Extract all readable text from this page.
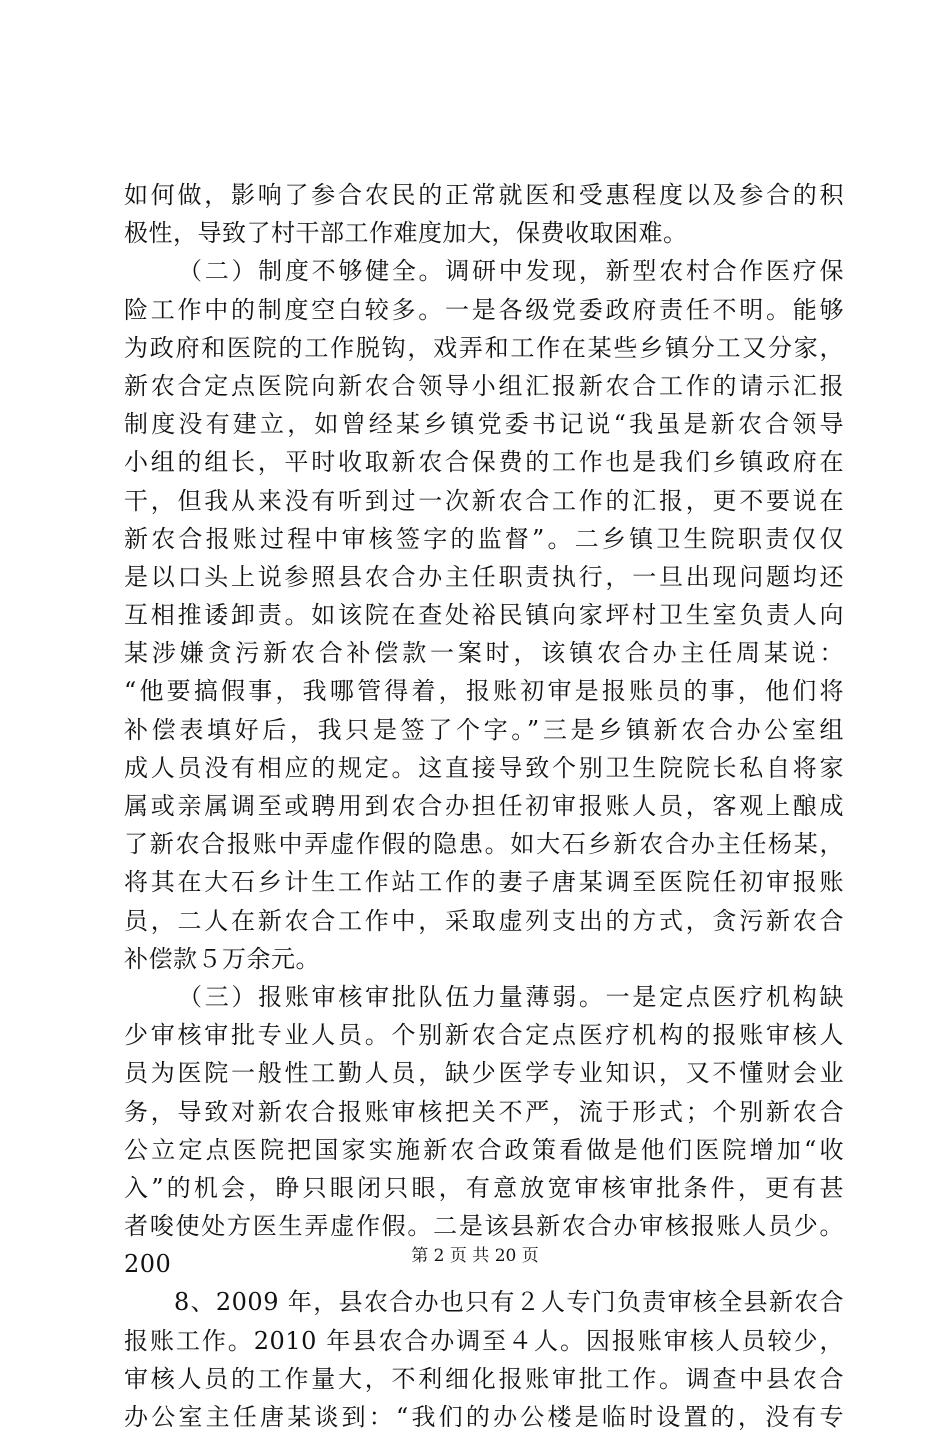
如何做，影响了参合农民的正常就医和受惠程度以及参合的积
极性，导致了村干部工作难度加大，保费收取困难。
（二）制度不够健全。调研中发现，新型农村合作医疗保
险工作中的制度空白较多。一是各级党委政府责任不明。能够
为政府和医院的工作脱钩，戏弄和工作在某些乡镇分工又分家，
新农合定点医院向新农合领导小组汇报新农合工作的请示汇报
制度没有建立，如曾经某乡镇党委书记说“我虽是新农合领导
小组的组长，平时收取新农合保费的工作也是我们乡镇政府在
干，但我从来没有听到过一次新农合工作的汇报，更不要说在
新农合报账过程中审核签字的监督”。二乡镇卫生院职责仅仅
是以口头上说参照县农合办主任职责执行，一旦出现问题均还
互相推诿卸责。如该院在查处裕民镇向家坪村卫生室负责人向
某涉嫌贪污新农合补偿款一案时，该镇农合办主任周某说：
“他要搞假事，我哪管得着，报账初审是报账员的事，他们将
补偿表填好后，我只是签了个字。”三是乡镇新农合办公室组
成人员没有相应的规定。这直接导致个别卫生院院长私自将家
属或亲属调至或聘用到农合办担任初审报账人员，客观上酿成
了新农合报账中弄虚作假的隐患。如大石乡新农合办主任杨某，
将其在大石乡计生工作站工作的妻子唐某调至医院任初审报账
员，二人在新农合工作中，采取虚列支出的方式，贪污新农合
补偿款５万余元。
（三）报账审核审批队伍力量薄弱。一是定点医疗机构缺
少审核审批专业人员。个别新农合定点医疗机构的报账审核人
员为医院一般性工勤人员，缺少医学专业知识，又不懂财会业
务，导致对新农合报账审核把关不严，流于形式；个别新农合
公立定点医院把国家实施新农合政策看做是他们医院增加“收
入”的机会，睁只眼闭只眼，有意放宽审核审批条件，更有甚
者唆使处方医生弄虚作假。二是该县新农合办审核报账人员少。
200
8、2009 年，县农合办也只有２人专门负责审核全县新农合
报账工作。2010 年县农合办调至４人。因报账审核人员较少，
审核人员的工作量大，不利细化报账审批工作。调查中县农合
办公室主任唐某谈到：“我们的办公楼是临时设置的，没有专
第 2 页 共 20 页
